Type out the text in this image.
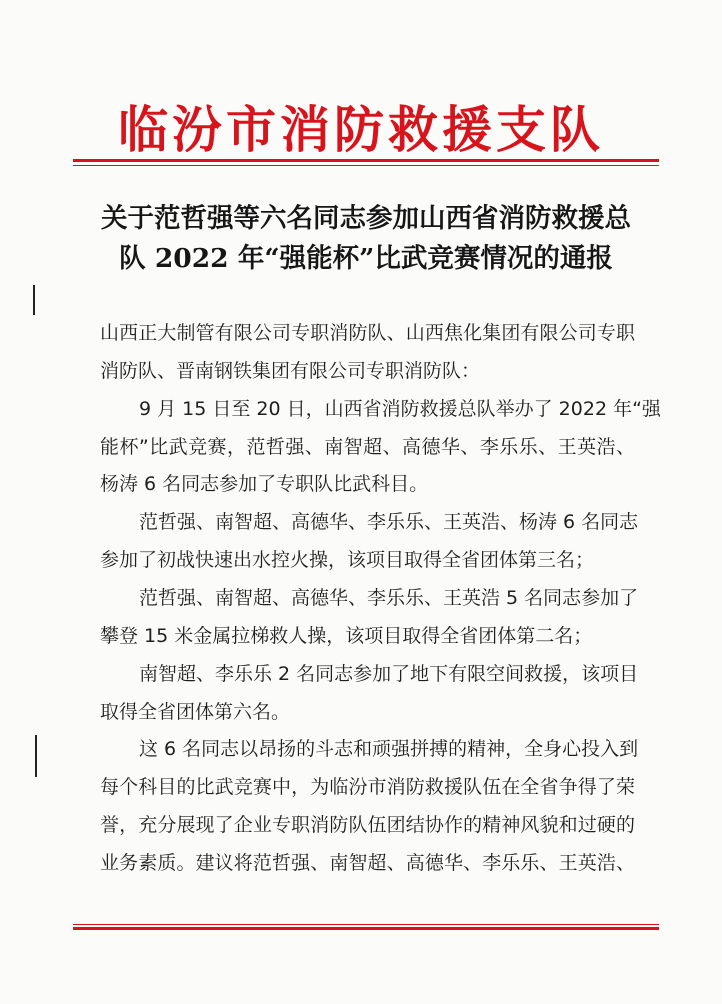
临汾市消防救援支队
关于范哲强等六名同志参加山西省消防救援总
队 2022 年“强能杯”比武竞赛情况的通报
山西正大制管有限公司专职消防队、山西焦化集团有限公司专职
消防队、晋南钢铁集团有限公司专职消防队：
9 月 15 日至 20 日，山西省消防救援总队举办了 2022 年“强
能杯”比武竞赛，范哲强、南智超、高德华、李乐乐、王英浩、
杨涛 6 名同志参加了专职队比武科目。
范哲强、南智超、高德华、李乐乐、王英浩、杨涛 6 名同志
参加了初战快速出水控火操，该项目取得全省团体第三名；
范哲强、南智超、高德华、李乐乐、王英浩 5 名同志参加了
攀登 15 米金属拉梯救人操，该项目取得全省团体第二名；
南智超、李乐乐 2 名同志参加了地下有限空间救援，该项目
取得全省团体第六名。
这 6 名同志以昂扬的斗志和顽强拼搏的精神，全身心投入到
每个科目的比武竞赛中，为临汾市消防救援队伍在全省争得了荣
誉，充分展现了企业专职消防队伍团结协作的精神风貌和过硬的
业务素质。建议将范哲强、南智超、高德华、李乐乐、王英浩、
